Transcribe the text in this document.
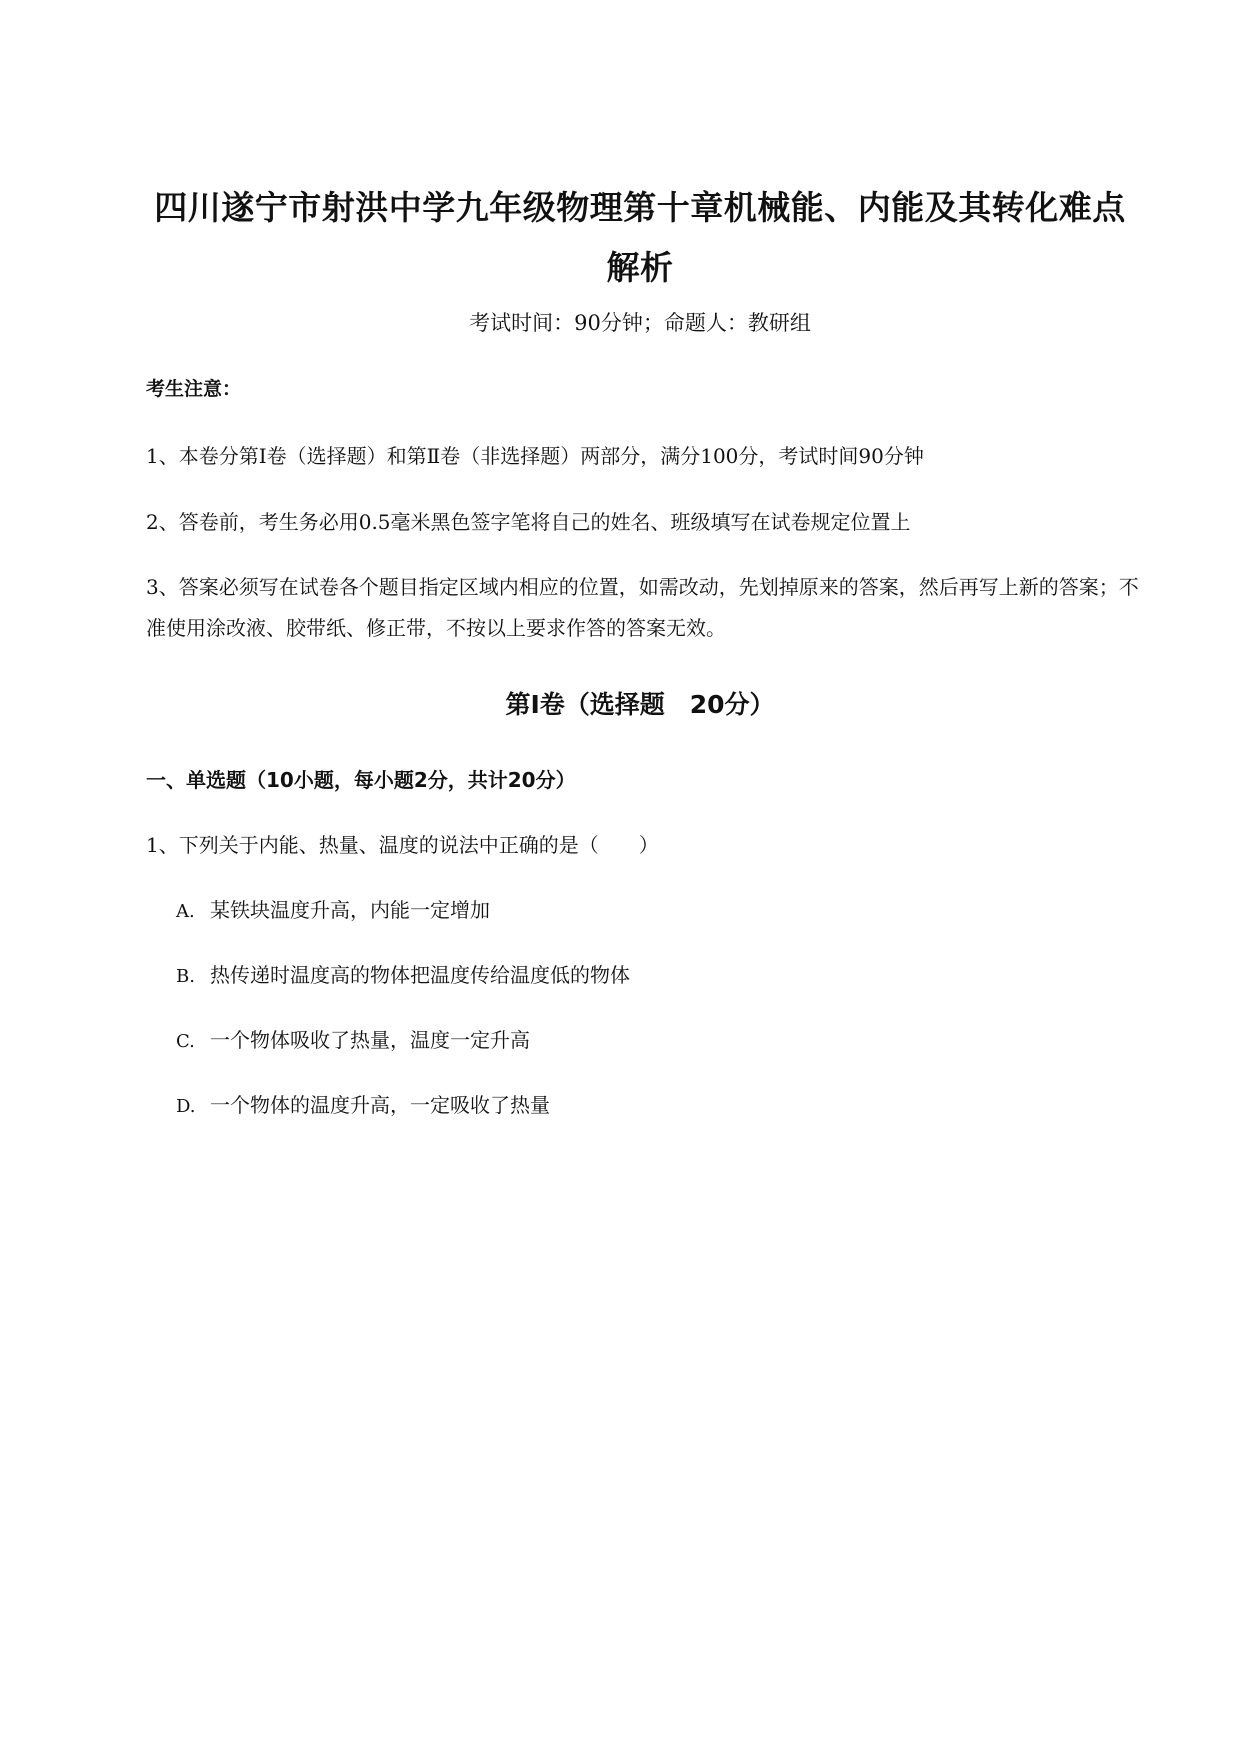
四川遂宁市射洪中学九年级物理第十章机械能、内能及其转化难点解析
考试时间：90分钟；命题人：教研组
考生注意：
1、本卷分第I卷（选择题）和第Ⅱ卷（非选择题）两部分，满分100分，考试时间90分钟
2、答卷前，考生务必用0.5毫米黑色签字笔将自己的姓名、班级填写在试卷规定位置上
3、答案必须写在试卷各个题目指定区域内相应的位置，如需改动，先划掉原来的答案，然后再写上新的答案；不准使用涂改液、胶带纸、修正带，不按以上要求作答的答案无效。
第I卷（选择题　20分）
一、单选题（10小题，每小题2分，共计20分）
1、下列关于内能、热量、温度的说法中正确的是（　　）
A. 某铁块温度升高，内能一定增加
B. 热传递时温度高的物体把温度传给温度低的物体
C. 一个物体吸收了热量，温度一定升高
D. 一个物体的温度升高，一定吸收了热量
